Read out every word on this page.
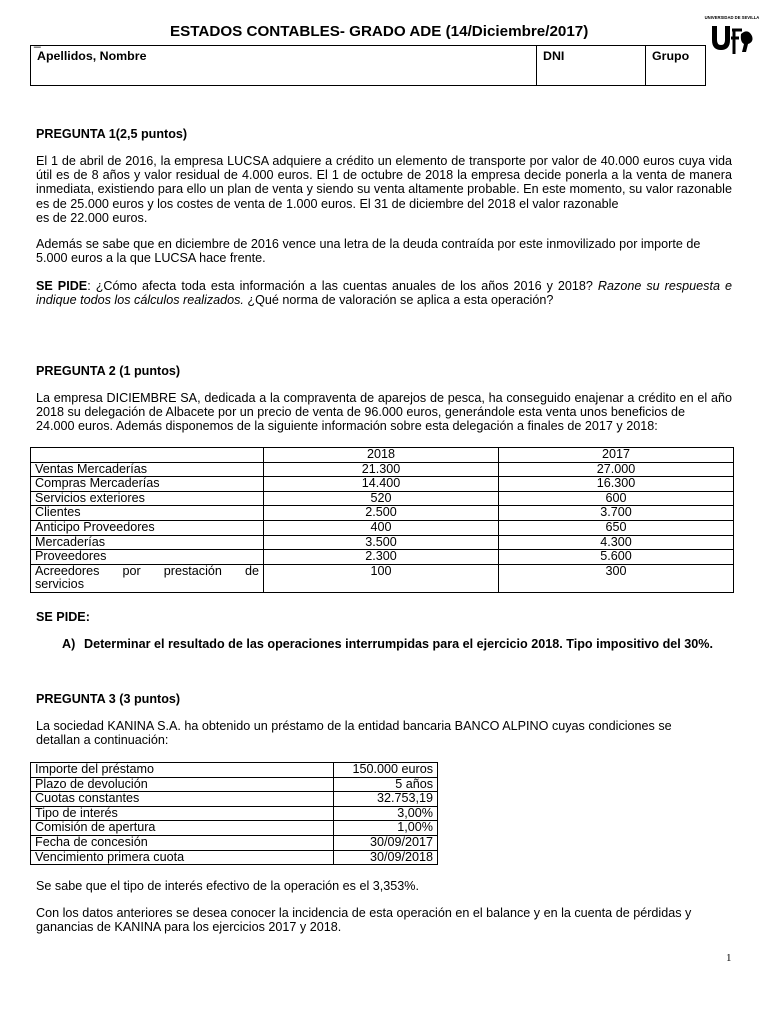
ESTADOS CONTABLES- GRADO ADE (14/Diciembre/2017)
_
UNIVERSIDAD DE SEVILLA
Apellidos, Nombre	DNI	Grupo
PREGUNTA 1(2,5 puntos)

El 1 de abril de 2016, la empresa LUCSA adquiere a crédito un elemento de transporte por valor de 40.000 euros cuya vida útil es de 8 años y valor residual de 4.000 euros. El 1 de octubre de 2018 la empresa decide ponerla a la venta de manera inmediata, existiendo para ello un plan de venta y siendo su venta altamente probable. En este momento, su valor razonable es de 25.000 euros y los costes de venta de 1.000 euros. El 31 de diciembre del 2018 el valor razonable
es de 22.000 euros.

Además se sabe que en diciembre de 2016 vence una letra de la deuda contraída por este inmovilizado por importe de
5.000 euros a la que LUCSA hace frente.

SE PIDE: ¿Cómo afecta toda esta información a las cuentas anuales de los años 2016 y 2018? Razone su respuesta e indique todos los cálculos realizados. ¿Qué norma de valoración se aplica a esta operación?

PREGUNTA 2 (1 puntos)

La empresa DICIEMBRE SA, dedicada a la compraventa de aparejos de pesca, ha conseguido enajenar a crédito en el año 2018 su delegación de Albacete por un precio de venta de 96.000 euros, generándole esta venta unos beneficios de
24.000 euros. Además disponemos de la siguiente información sobre esta delegación a finales de 2017 y 2018:

	2018	2017
Ventas Mercaderías	21.300	27.000
Compras Mercaderías	14.400	16.300
Servicios exteriores	520	600
Clientes	2.500	3.700
Anticipo Proveedores	400	650
Mercaderías	3.500	4.300
Proveedores	2.300	5.600

Acreedores por prestación de
servicios	100	300
SE PIDE:
A) Determinar el resultado de las operaciones interrumpidas para el ejercicio 2018. Tipo impositivo del 30%.
PREGUNTA 3 (3 puntos)

La sociedad KANINA S.A. ha obtenido un préstamo de la entidad bancaria BANCO ALPINO cuyas condiciones se
detallan a continuación:

Importe del préstamo	150.000 euros
Plazo de devolución	5 años
Cuotas constantes	32.753,19
Tipo de interés	3,00%
Comisión de apertura	1,00%
Fecha de concesión	30/09/2017
Vencimiento primera cuota	30/09/2018

Se sabe que el tipo de interés efectivo de la operación es el 3,353%.

Con los datos anteriores se desea conocer la incidencia de esta operación en el balance y en la cuenta de pérdidas y
ganancias de KANINA para los ejercicios 2017 y 2018.

1
